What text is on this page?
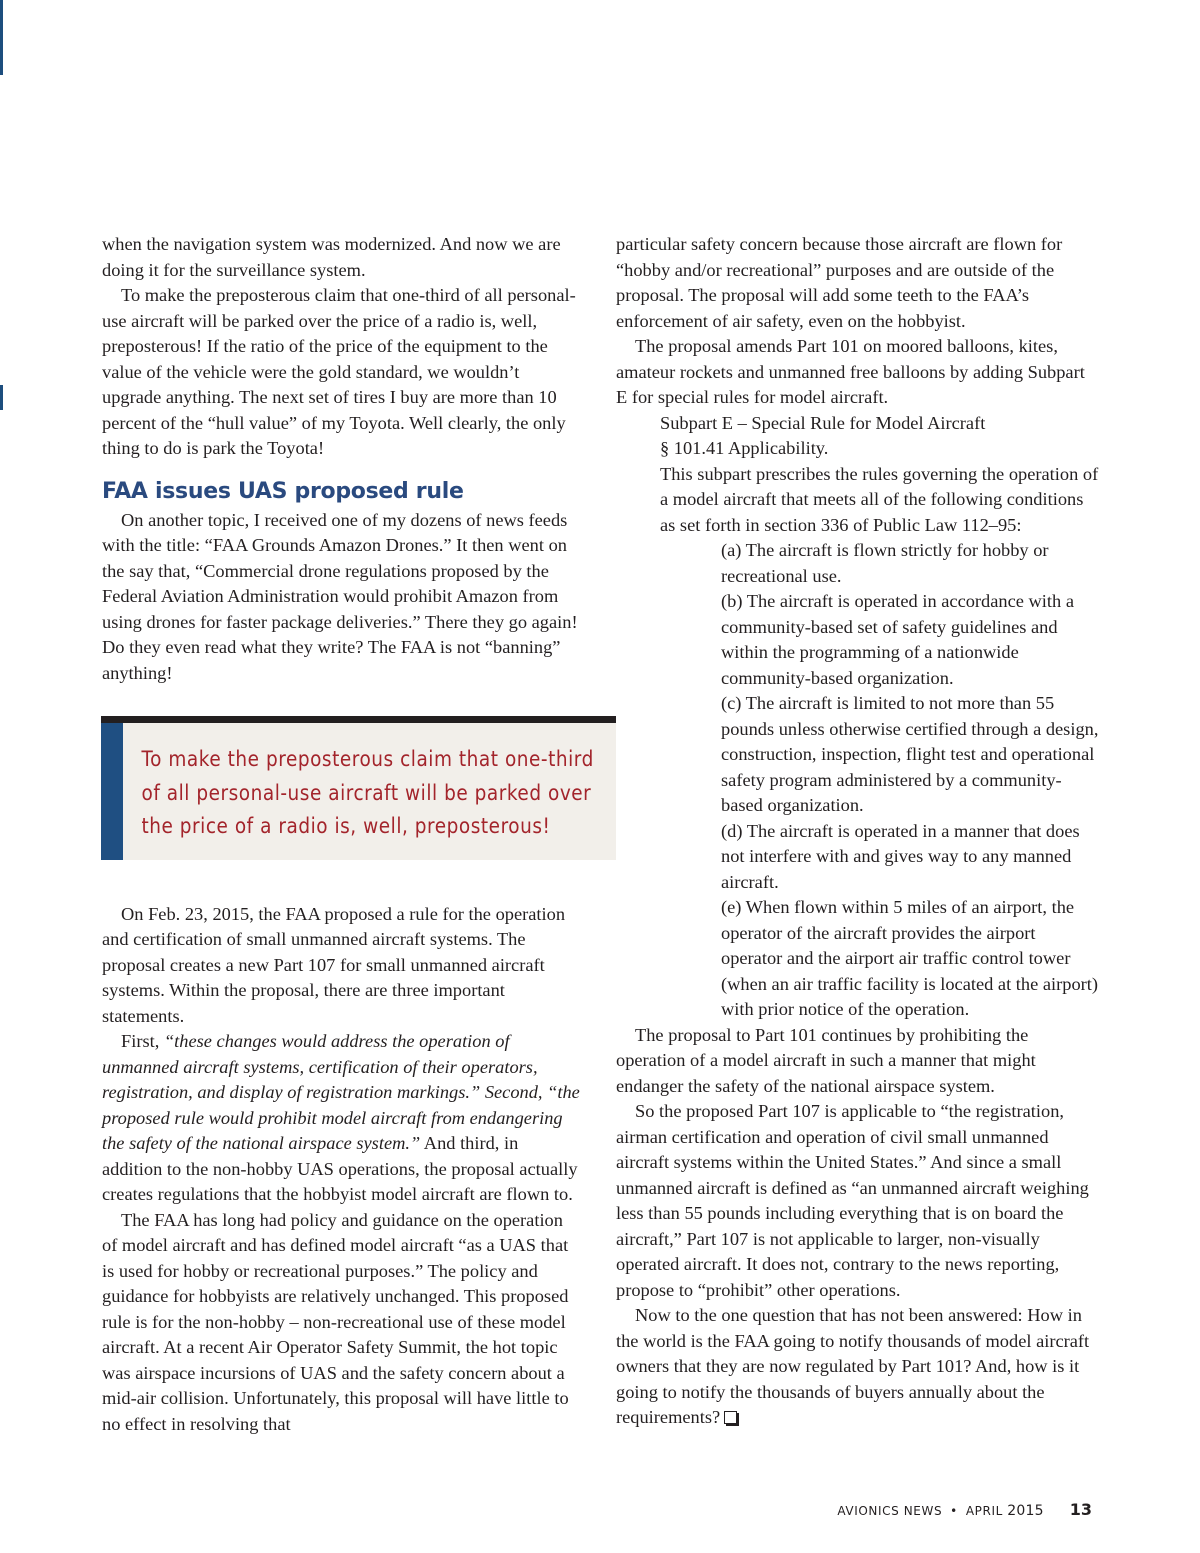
when the navigation system was modernized. And now we are doing it for the surveillance system.

To make the preposterous claim that one-third of all personal-use aircraft will be parked over the price of a radio is, well, preposterous! If the ratio of the price of the equipment to the value of the vehicle were the gold standard, we wouldn’t upgrade anything. The next set of tires I buy are more than 10 percent of the “hull value” of my Toyota. Well clearly, the only thing to do is park the Toyota!

FAA issues UAS proposed rule

On another topic, I received one of my dozens of news feeds with the title: “FAA Grounds Amazon Drones.” It then went on the say that, “Commercial drone regulations proposed by the Federal Aviation Administration would prohibit Amazon from using drones for faster package deliveries.” There they go again! Do they even read what they write? The FAA is not “banning” anything!

To make the preposterous claim that one-third of all personal-use aircraft will be parked over the price of a radio is, well, preposterous!

On Feb. 23, 2015, the FAA proposed a rule for the operation and certification of small unmanned aircraft systems. The proposal creates a new Part 107 for small unmanned aircraft systems. Within the proposal, there are three important statements.

First, “these changes would address the operation of unmanned aircraft systems, certification of their operators, registration, and display of registration markings.” Second, “the proposed rule would prohibit model aircraft from endangering the safety of the national airspace system.” And third, in addition to the non-hobby UAS operations, the proposal actually creates regulations that the hobbyist model aircraft are flown to.

The FAA has long had policy and guidance on the operation of model aircraft and has defined model aircraft “as a UAS that is used for hobby or recreational purposes.” The policy and guidance for hobbyists are relatively unchanged. This proposed rule is for the non-hobby – non-recreational use of these model aircraft. At a recent Air Operator Safety Summit, the hot topic was airspace incursions of UAS and the safety concern about a mid-air collision. Unfortunately, this proposal will have little to no effect in resolving that

particular safety concern because those aircraft are flown for “hobby and/or recreational” purposes and are outside of the proposal. The proposal will add some teeth to the FAA’s enforcement of air safety, even on the hobbyist.

The proposal amends Part 101 on moored balloons, kites, amateur rockets and unmanned free balloons by adding Subpart E for special rules for model aircraft.

Subpart E – Special Rule for Model Aircraft

§ 101.41 Applicability.

This subpart prescribes the rules governing the operation of a model aircraft that meets all of the following conditions as set forth in section 336 of Public Law 112–95:

(a) The aircraft is flown strictly for hobby or recreational use.

(b) The aircraft is operated in accordance with a community-based set of safety guidelines and within the programming of a nationwide community-based organization.

(c) The aircraft is limited to not more than 55 pounds unless otherwise certified through a design, construction, inspection, flight test and operational safety program administered by a community-based organization.

(d) The aircraft is operated in a manner that does not interfere with and gives way to any manned aircraft.

(e) When flown within 5 miles of an airport, the operator of the aircraft provides the airport operator and the airport air traffic control tower (when an air traffic facility is located at the airport) with prior notice of the operation.

The proposal to Part 101 continues by prohibiting the operation of a model aircraft in such a manner that might endanger the safety of the national airspace system.

So the proposed Part 107 is applicable to “the registration, airman certification and operation of civil small unmanned aircraft systems within the United States.” And since a small unmanned aircraft is defined as “an unmanned aircraft weighing less than 55 pounds including everything that is on board the aircraft,” Part 107 is not applicable to larger, non-visually operated aircraft. It does not, contrary to the news reporting, propose to “prohibit” other operations.

Now to the one question that has not been answered: How in the world is the FAA going to notify thousands of model aircraft owners that they are now regulated by Part 101? And, how is it going to notify the thousands of buyers annually about the requirements?

AVIONICS NEWS • APRIL 2015 13
